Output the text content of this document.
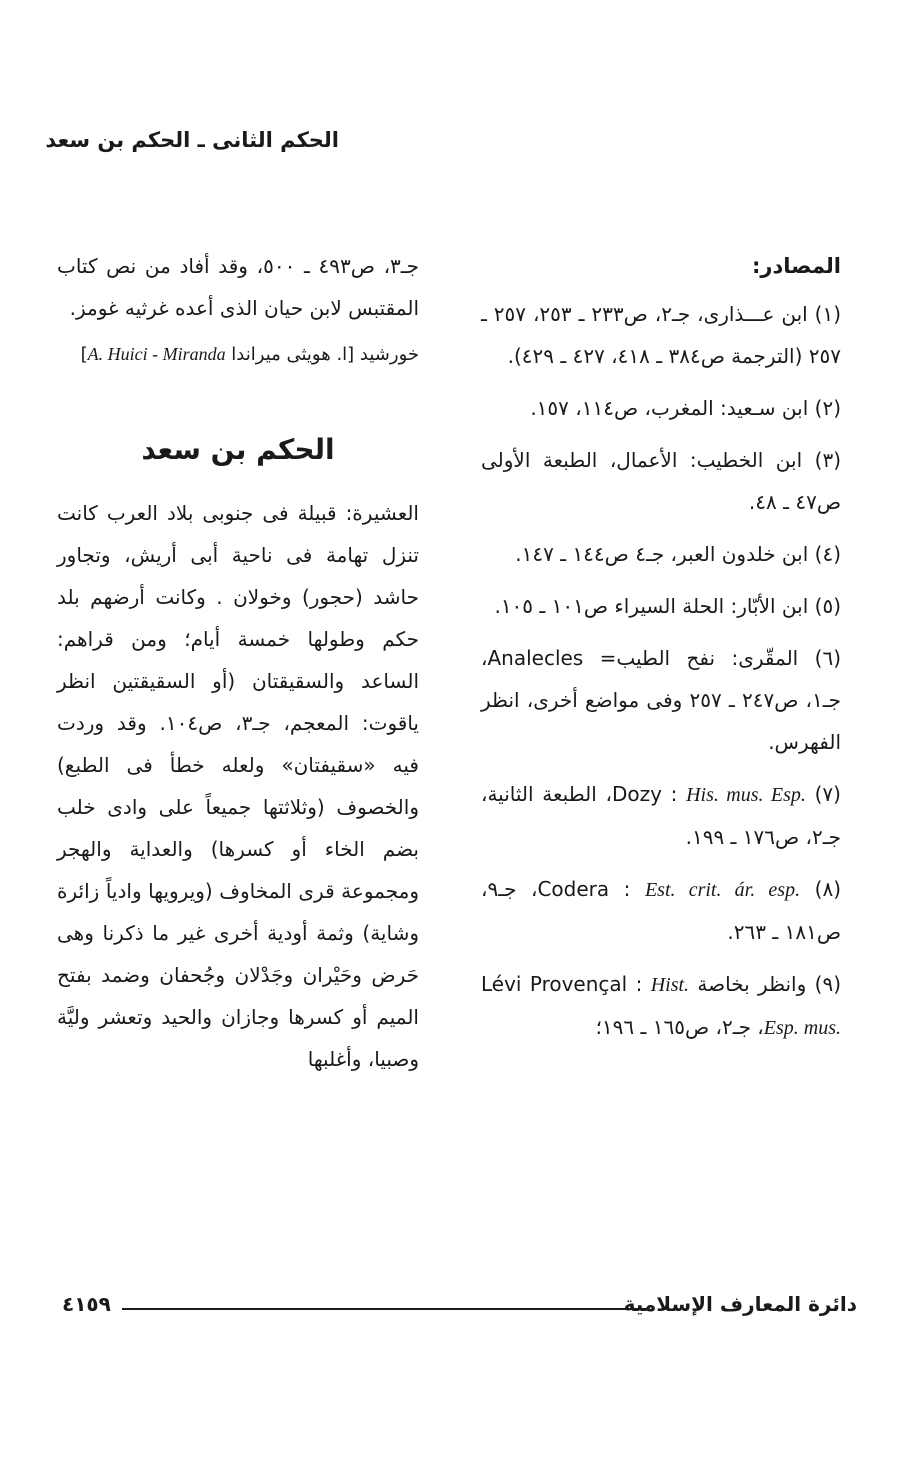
الحكم الثانى ـ الحكم بن سعد
المصادر:

(١) ابن عـــذارى، جـ٢، ص٢٣٣ ـ ٢٥٣، ٢٥٧ ـ ٢٥٧ (الترجمة ص٣٨٤ ـ ٤١٨، ٤٢٧ ـ ٤٢٩).

(٢) ابن سـعيد: المغرب، ص١١٤، ١٥٧.

(٣) ابن الخطيب: الأعمال، الطبعة الأولى ص٤٧ ـ ٤٨.

(٤) ابن خلدون العبر، جـ٤ ص١٤٤ ـ ١٤٧.

(٥) ابن الأبّار: الحلة السيراء ص١٠١ ـ ١٠٥.

(٦) المقّرى: نفح الطيب= Analecles، جـ١، ص٢٤٧ ـ ٢٥٧ وفى مواضع أخرى، انظر الفهرس.

(٧) Dozy : His. mus. Esp.، الطبعة الثانية، جـ٢، ص١٧٦ ـ ١٩٩.

(٨) Codera : Est. crit. ár. esp.، جـ٩، ص١٨١ ـ ٢٦٣.

(٩) وانظر بخاصة Lévi Provençal : Hist. Esp. mus.، جـ٢، ص١٦٥ ـ ١٩٦؛

جـ٣، ص٤٩٣ ـ ٥٠٠، وقد أفاد من نص كتاب المقتبس لابن حيان الذى أعده غرثيه غومز.

خورشيد [ا. هويثى ميراندا A. Huici - Miranda]

الحكم بن سعد

العشيرة: قبيلة فى جنوبى بلاد العرب كانت تنزل تهامة فى ناحية أبى أريش، وتجاور حاشد (حجور) وخولان . وكانت أرضهم بلد حكم وطولها خمسة أيام؛ ومن قراهم: الساعد والسقيقتان (أو السقيقتين انظر ياقوت: المعجم، جـ٣، ص١٠٤. وقد وردت فيه «سقيفتان» ولعله خطأ فى الطبع) والخصوف (وثلاثتها جميعاً على وادى خلب بضم الخاء أو كسرها) والعداية والهجر ومجموعة قرى المخاوف (ويرويها وادياً زائرة وشاية) وثمة أودية أخرى غير ما ذكرنا وهى حَرض وحَيْران وجَدْلان وجُحفان وضمد بفتح الميم أو كسرها وجازان والحيد وتعشر وليَّة وصبيا، وأغلبها

دائرة المعارف الإسلامية
٤١٥٩
